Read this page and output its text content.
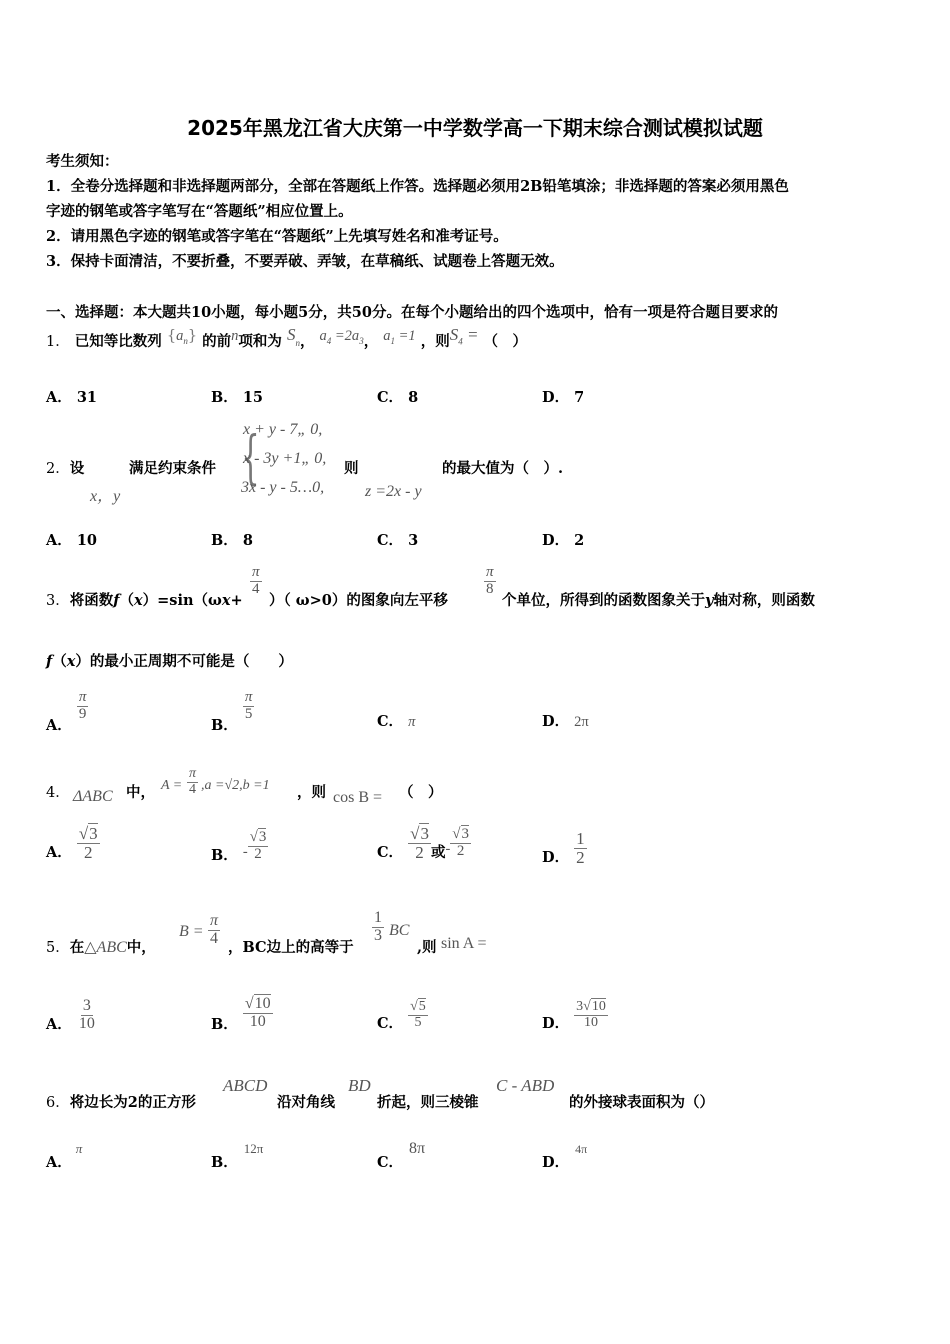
2025年黑龙江省大庆第一中学数学高一下期末综合测试模拟试题
考生须知：
1．全卷分选择题和非选择题两部分，全部在答题纸上作答。选择题必须用2B铅笔填涂；非选择题的答案必须用黑色
字迹的钢笔或答字笔写在“答题纸”相应位置上。
2．请用黑色字迹的钢笔或答字笔在“答题纸”上先填写姓名和准考证号。
3．保持卡面清洁，不要折叠，不要弄破、弄皱，在草稿纸、试题卷上答题无效。
一、选择题：本大题共10小题，每小题5分，共50分。在每个小题给出的四个选项中，恰有一项是符合题目要求的
1． 已知等比数列 $\{a_n\}$ 的前n项和为 $S_n$， $a_4 =2a_3$， $a_1 =1$ ，则$S_4$ = （　）
A． 31	B． 15	C． 8	D． 7
2．设
x，y
满足约束条件 {
x + y - 7„ 0,
x - 3y +1„ 0,
3x - y - 5…0,
则
z =2x - y
的最大值为（　）.
A． 10	B． 8	C． 3	D． 2
3．将函数f（x）=sin（ωx+
$\frac{\pi}{4}$
）（ ω>0）的图象向左平移
$\frac{\pi}{8}$
个单位，所得到的函数图象关于y轴对称，则函数
f（x）的最小正周期不可能是（　　）
A．
$\frac{\pi}{9}$
B．
$\frac{\pi}{5}$	C． π	D． 2π
4． ΔABC 中， $A = \frac{\pi}{4} ,a =√2,b =1$ ，则 cos B = （　）
A． √ $\frac{3}{2}$	B． - √ $\frac{3}{2}$	C． √ $\frac{3}{2}$ 或- √ $\frac{3}{2}$	D． $\frac{1}{2}$
5．在△ABC中，
$B = \frac{\pi}{4}$ ，BC边上的高等于
$\frac{1}{3}$ BC
,则 sin A =
A． $\frac{3}{10}$	B． √ $\frac{10}{10}$	C． √ $\frac{5}{5}$	D． $\frac{3 √ 10}{10}$
6．将边长为2的正方形
ABCD
沿对角线
BD
折起，则三棱锥
C - ABD
的外接球表面积为（）
A．π
B．12π
C．8π
D．$^{4\pi}$
